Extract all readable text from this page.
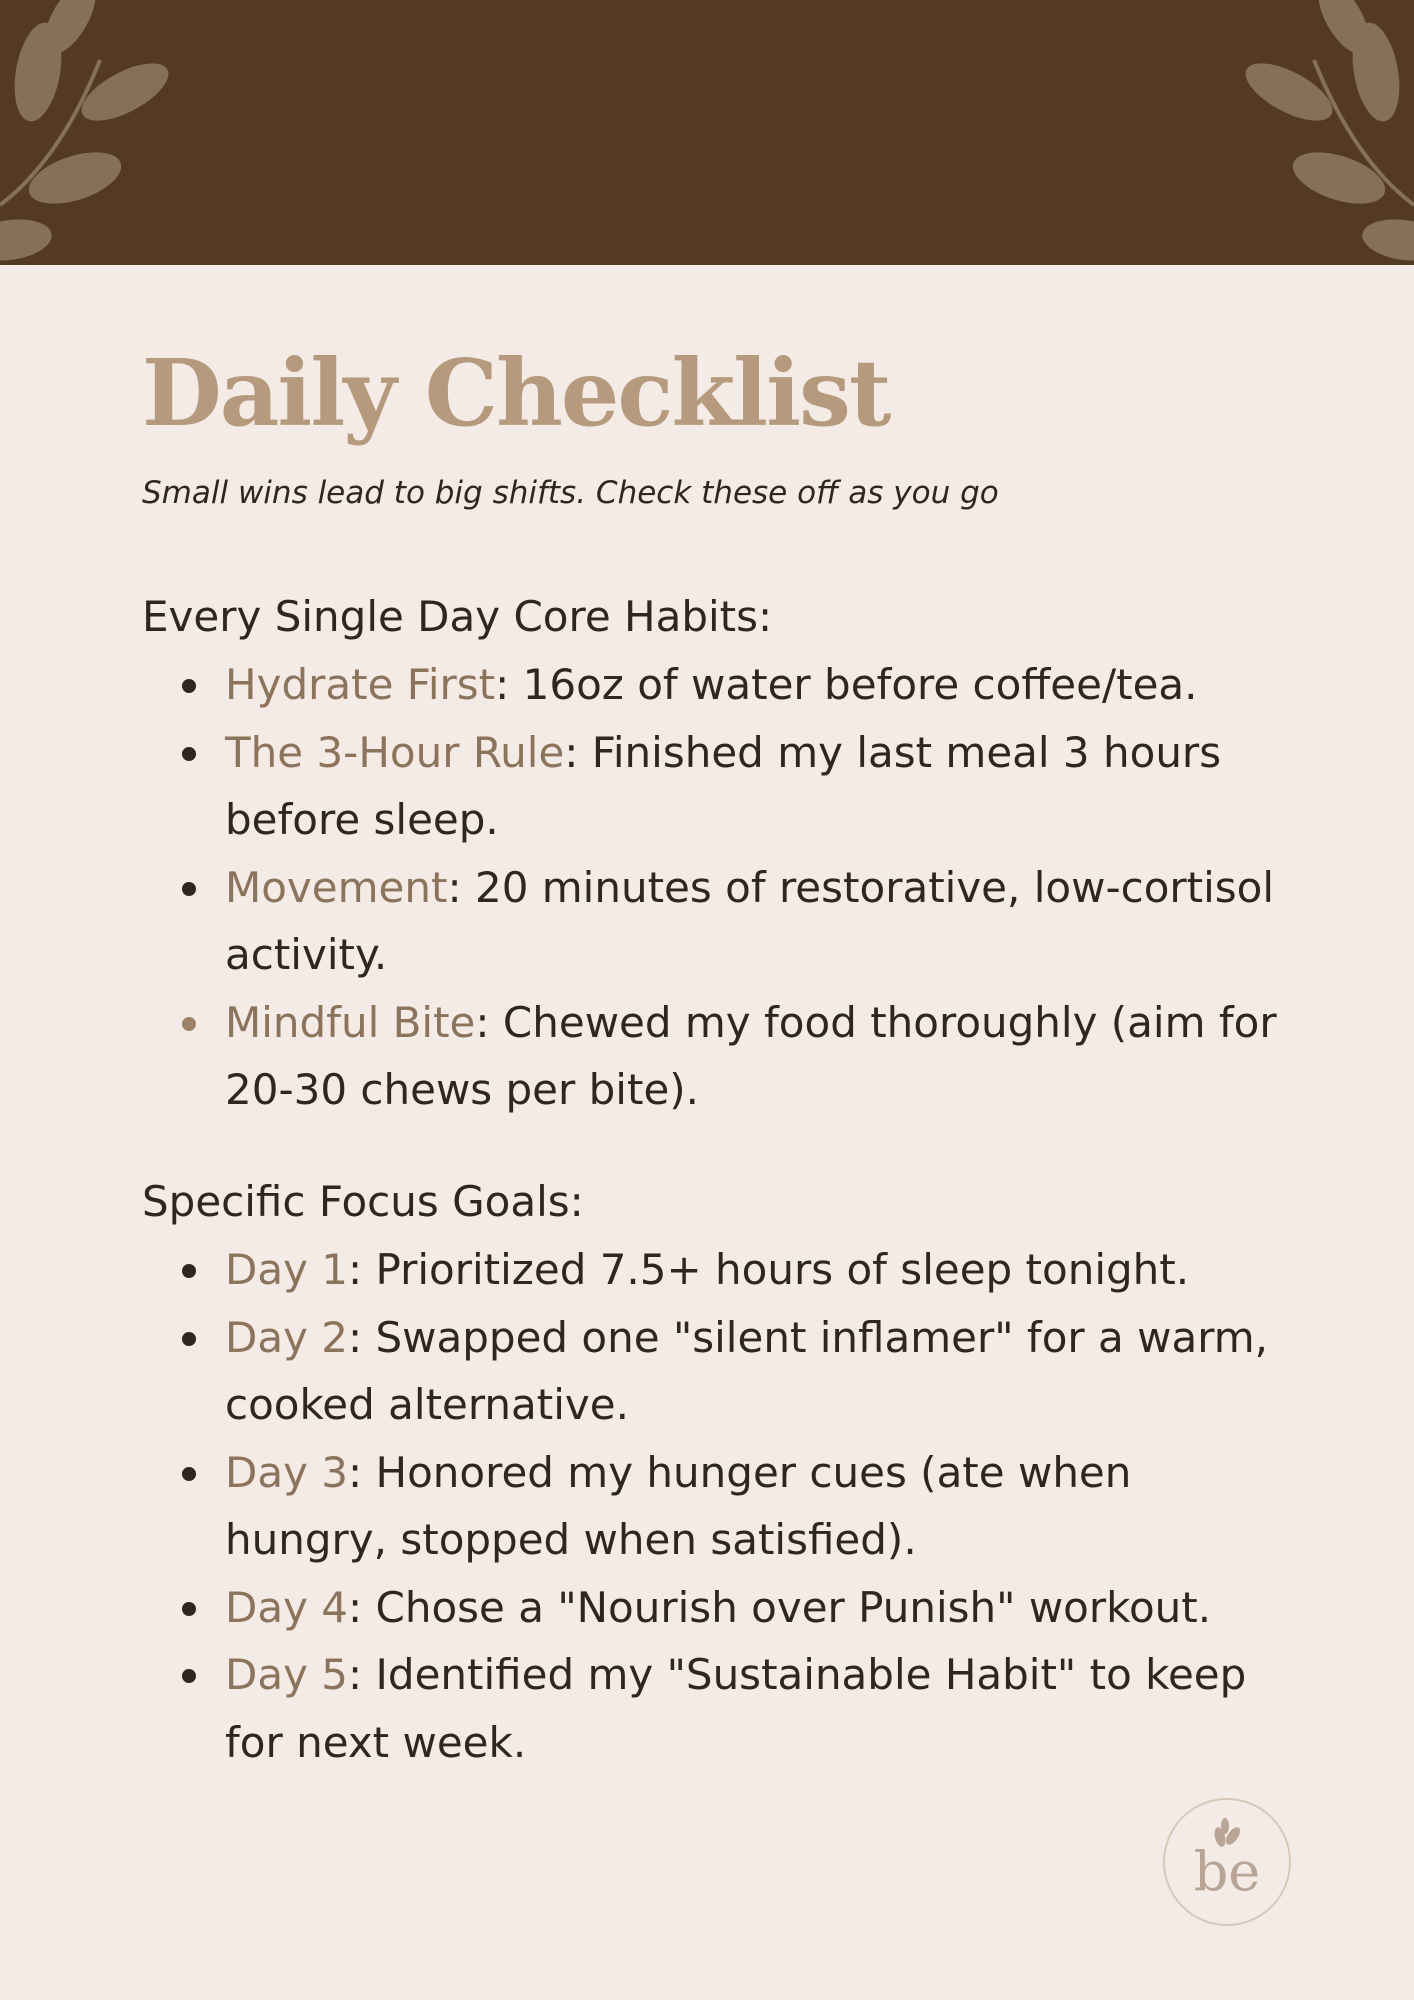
Daily Checklist

Small wins lead to big shifts. Check these off as you go

Every Single Day Core Habits:
Hydrate First: 16oz of water before coffee/tea.
The 3-Hour Rule: Finished my last meal 3 hours before sleep.
Movement: 20 minutes of restorative, low-cortisol activity.
Mindful Bite: Chewed my food thoroughly (aim for 20-30 chews per bite).
Specific Focus Goals:
Day 1: Prioritized 7.5+ hours of sleep tonight.
Day 2: Swapped one "silent inflamer" for a warm, cooked alternative.
Day 3: Honored my hunger cues (ate when hungry, stopped when satisfied).
Day 4: Chose a "Nourish over Punish" workout.
Day 5: Identified my "Sustainable Habit" to keep for next week.
be
